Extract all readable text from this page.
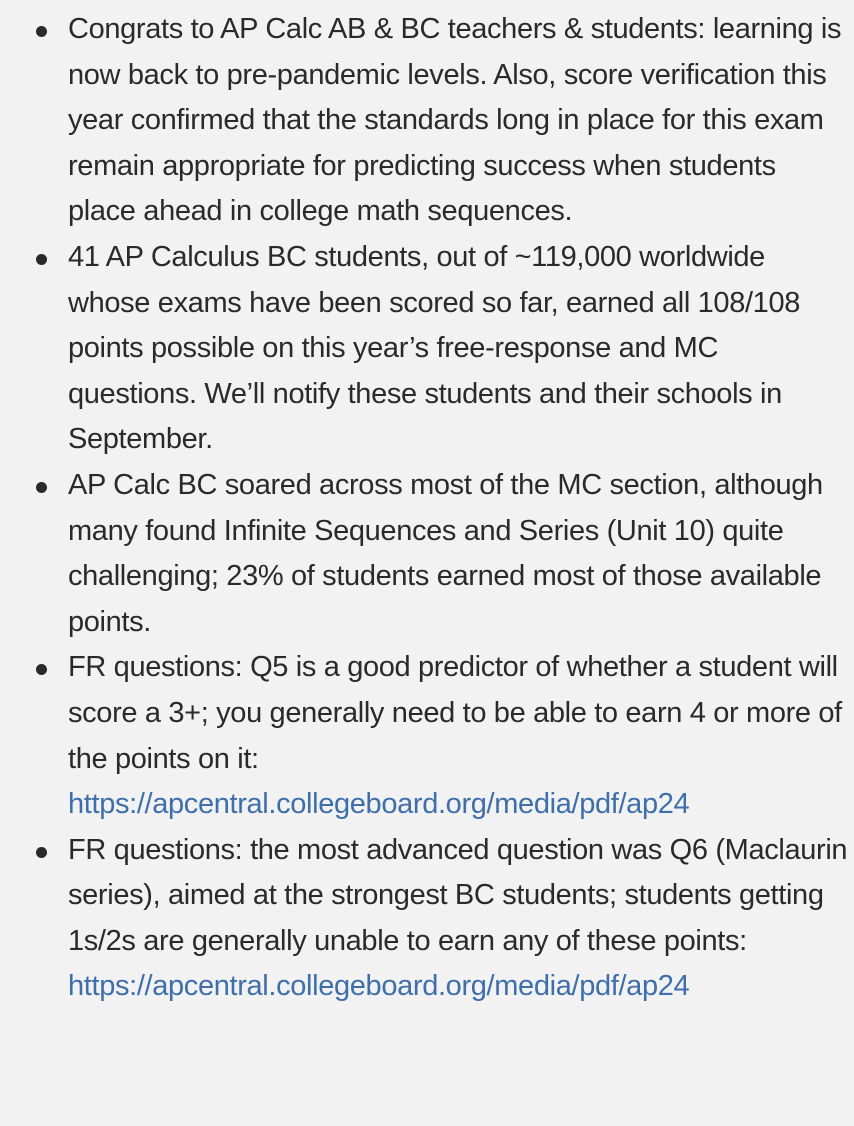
Congrats to AP Calc AB & BC teachers & students: learning is now back to pre-pandemic levels. Also, score verification this year confirmed that the standards long in place for this exam remain appropriate for predicting success when students place ahead in college math sequences.
41 AP Calculus BC students, out of ~119,000 worldwide whose exams have been scored so far, earned all 108/108 points possible on this year’s free-response and MC questions. We’ll notify these students and their schools in September.
AP Calc BC soared across most of the MC section, although many found Infinite Sequences and Series (Unit 10) quite challenging; 23% of students earned most of those available points.
FR questions: Q5 is a good predictor of whether a student will score a 3+; you generally need to be able to earn 4 or more of the points on it:
https://apcentral.collegeboard.org/media/pdf/ap24
FR questions: the most advanced question was Q6 (Maclaurin series), aimed at the strongest BC students; students getting 1s/2s are generally unable to earn any of these points:
https://apcentral.collegeboard.org/media/pdf/ap24
